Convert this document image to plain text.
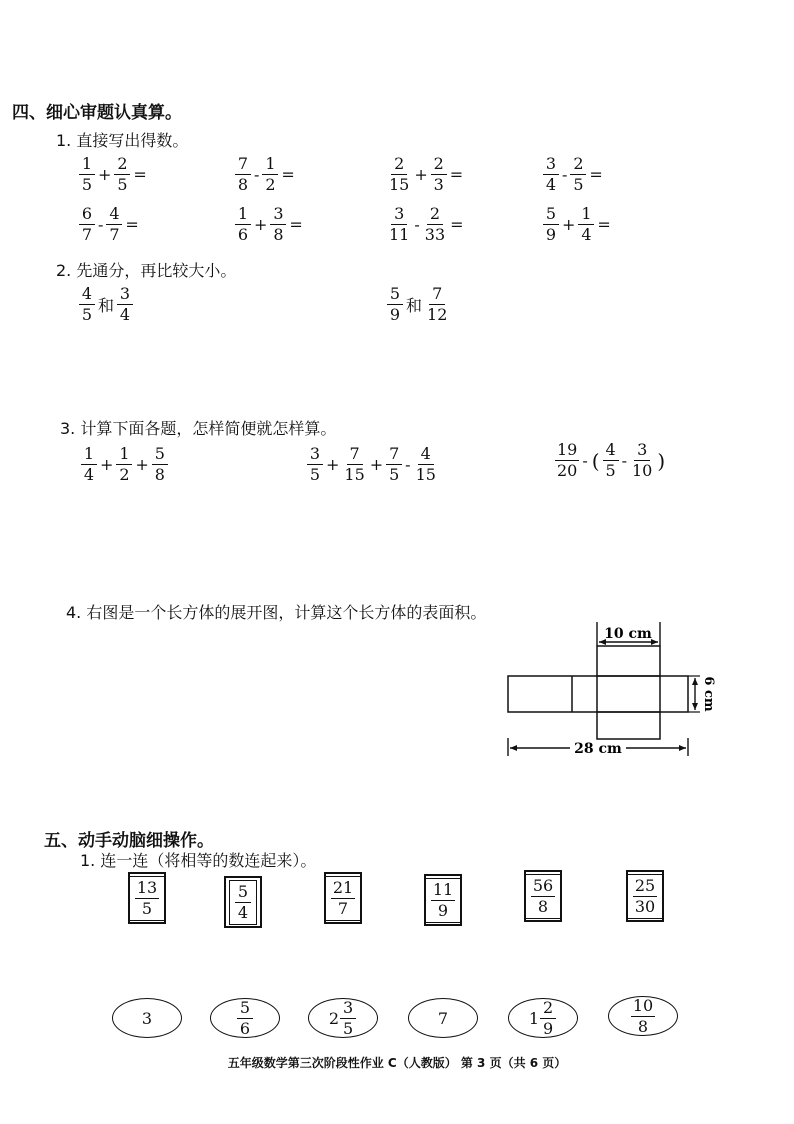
四、细心审题认真算。
1. 直接写出得数。
$\frac{1}{5} + \frac{2}{5}$ =	$\frac{7}{8} - \frac{1}{2}$ =	$\frac{2}{15} + \frac{2}{3}$ =	$\frac{3}{4} - \frac{2}{5}$ =
$\frac{6}{7} - \frac{4}{7}$ =	$\frac{1}{6} + \frac{3}{8}$ =	$\frac{3}{11} - \frac{2}{33}$ =	$\frac{5}{9} + \frac{1}{4}$ =
2. 先通分，再比较大小。
$\frac{4}{5}$ 和 $\frac{3}{4}$	$\frac{5}{9}$ 和 $\frac{7}{12}$
3. 计算下面各题，怎样简便就怎样算。
$\frac{1}{4} + \frac{1}{2} + \frac{5}{8}$	$\frac{3}{5} + \frac{7}{15} + \frac{7}{5} - \frac{4}{15}$	$\frac{19}{20}$ - ( $\frac{4}{5} - \frac{3}{10}$ )
4. 右图是一个长方体的展开图，计算这个长方体的表面积。
10 cm
6 cm
28 cm
五、动手动脑细操作。
1. 连一连（将相等的数连起来）。
$\frac{13}{5}$	$\frac{5}{4}$	$\frac{21}{7}$	$\frac{11}{9}$	$\frac{56}{8}$	$\frac{25}{30}$
3	$\frac{5}{6}$	$2 \frac{3}{5}$	7	$1 \frac{2}{9}$	$\frac{10}{8}$
五年级数学第三次阶段性作业 C（人教版） 第 3 页（共 6 页）
